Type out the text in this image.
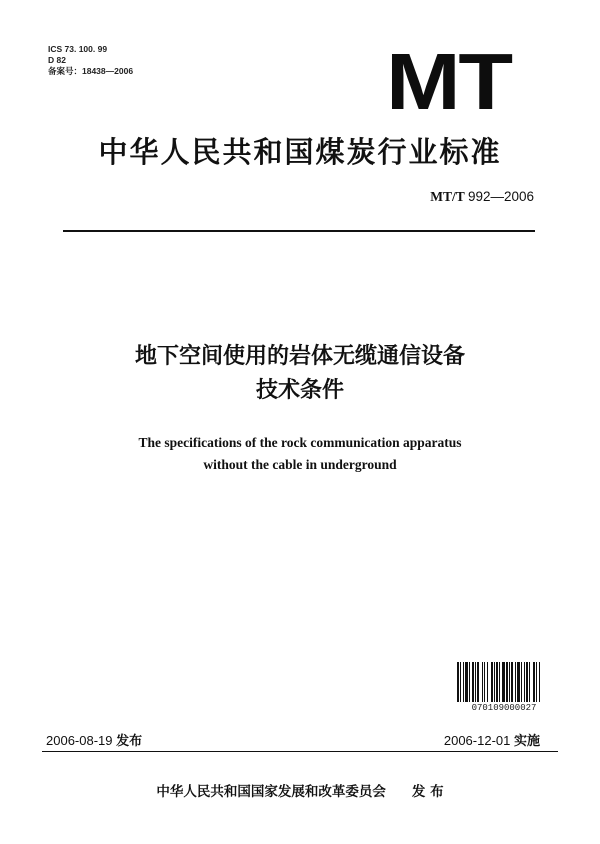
ICS 73. 100. 99
D 82
备案号：18438—2006	MT
中华人民共和国煤炭行业标准
MT/T 992—2006
地下空间使用的岩体无缆通信设备
技术条件
The specifications of the rock communication apparatus
without the cable in underground
070109000027
2006-08-19 发布	2006-12-01 实施
中华人民共和国国家发展和改革委员会 发 布
